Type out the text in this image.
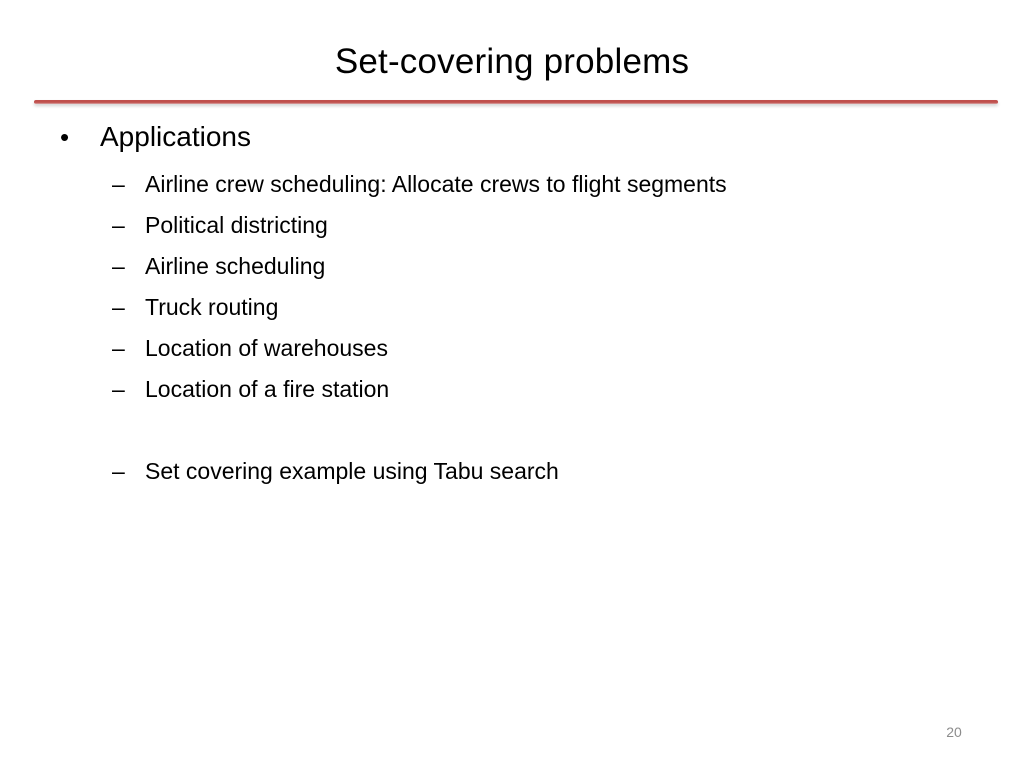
Set-covering problems
•	Applications
– Airline crew scheduling: Allocate crews to flight segments
– Political districting
– Airline scheduling
– Truck routing
– Location of warehouses
– Location of a fire station
– Set covering example using Tabu search
20
